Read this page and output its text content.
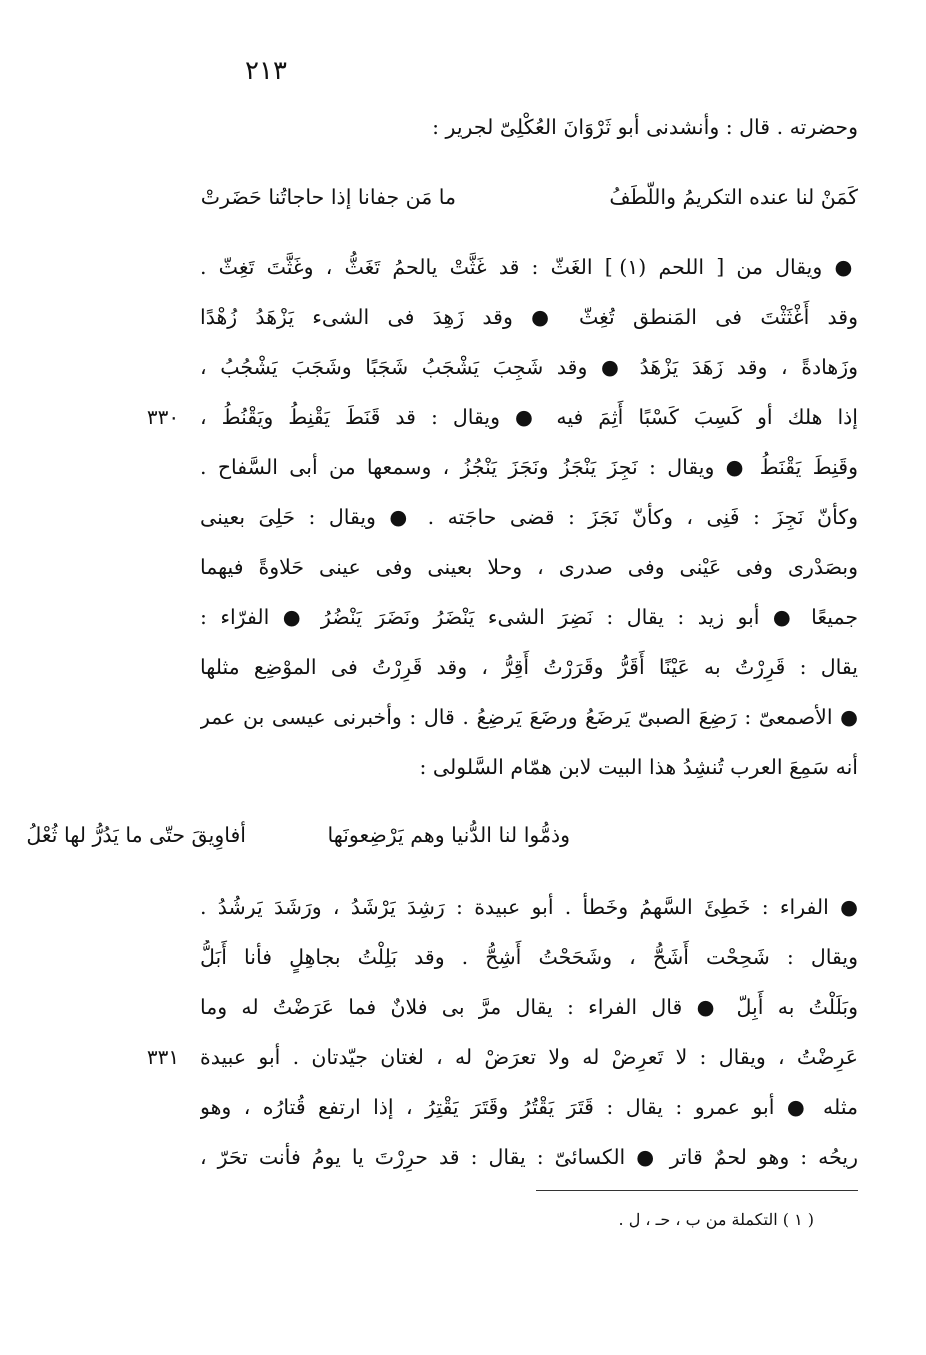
٢١٣
وحضرته . قال : وأنشدنى أبو ثَرْوَانَ العُكْلِىّ لجرير :
ما مَن جفانا إذا حاجاتُنا حَضَرتْ	كَمَنْ لنا عنده التكريمُ واللّطَفُ
● ويقال من [ اللحم (١) ] الغَثّ : قد غَثَّتْ يالحمُ تَغَثُّ ، وغَثَّتَ تَغِثّ .
وقد أَغْثَثْتَ فى المَنطق تُغِثّ ● وقد زَهِدَ فى الشىء يَزْهَدُ زُهْدًا
وزَهادةً ، وقد زَهَدَ يَزْهَدُ ● وقد شَجِبَ يَشْجَبُ شَجَبًا وشَجَبَ يَشْجُبُ ،
إذا هلك أو كَسِبَ كَسْبًا أَثِمَ فيه ● ويقال : قد قَنَطَ يَقْنِطُ ويَقْنُطُ ،
٣٣٠
وقَنِطَ يَقْنَطُ ● ويقال : نَجِزَ يَنْجَزُ ونَجَزَ يَنْجُزُ ، وسمعها من أبى السَّفاح .
وكأنّ نَجِزَ : فَنِى ، وكأنّ نَجَزَ : قضى حاجَته . ● ويقال : حَلِىَ بعينى
وبصَدْرى وفى عَيْنى وفى صدرى ، وحلا بعينى وفى عينى حَلاوةً فيهما
جميعًا ● أبو زيد : يقال : نَضِرَ الشىء يَنْضَرُ ونَضَرَ يَنْضُرُ ● الفرّاء :
يقال : قَرِرْتُ به عَيْنًا أَقَرُّ وقَرَرْتُ أَقِرُّ ، وقد قَرِرْتُ فى الموْضِع مثلها
● الأصمعىّ : رَضِعَ الصبىّ يَرضَعُ ورضَعَ يَرضِعُ . قال : وأخبرنى عيسى بن عمر
أنه سَمِعَ العرب تُنشِدُ هذا البيت لابن همّام السَّلولى :
وذمُّوا لنا الدُّنيا وهم يَرْضِعونَها
أفاوِيقَ حتّى ما يَدُرُّ لها ثُعْلُ
● الفراء : خَطِئَ السَّهمُ وخَطأ . أبو عبيدة : رَشِدَ يَرْشَدُ ، ورَشَدَ يَرشُدُ .
ويقال : شَحِحْت أَشَحُّ ، وشَحَحْتُ أَشِحُّ . وقد بَلِلْتُ بجاهِلٍ فأنا أَبَلُّ
وبَلَلْتُ به أَبِلّ ● قال الفراء : يقال مرَّ بى فلانٌ فما عَرَضْتُ له وما
عَرِضْتُ ، ويقال : لا تَعرِضْ له ولا تعرَضْ له ، لغتان جيّدتان . أبو عبيدة
٣٣١
مثله ● أبو عمرو : يقال : قَتَرَ يَقْتُرُ وقَتَرَ يَقْتِرُ ، إذا ارتفع قُتارُه ، وهو
ريحُه : وهو لحمٌ قاتر ● الكسائىّ : يقال : قد حرِرْتَ يا يومُ فأنت تحَرّ ،
( ١ ) التكملة من ب ، حـ ، ل .
